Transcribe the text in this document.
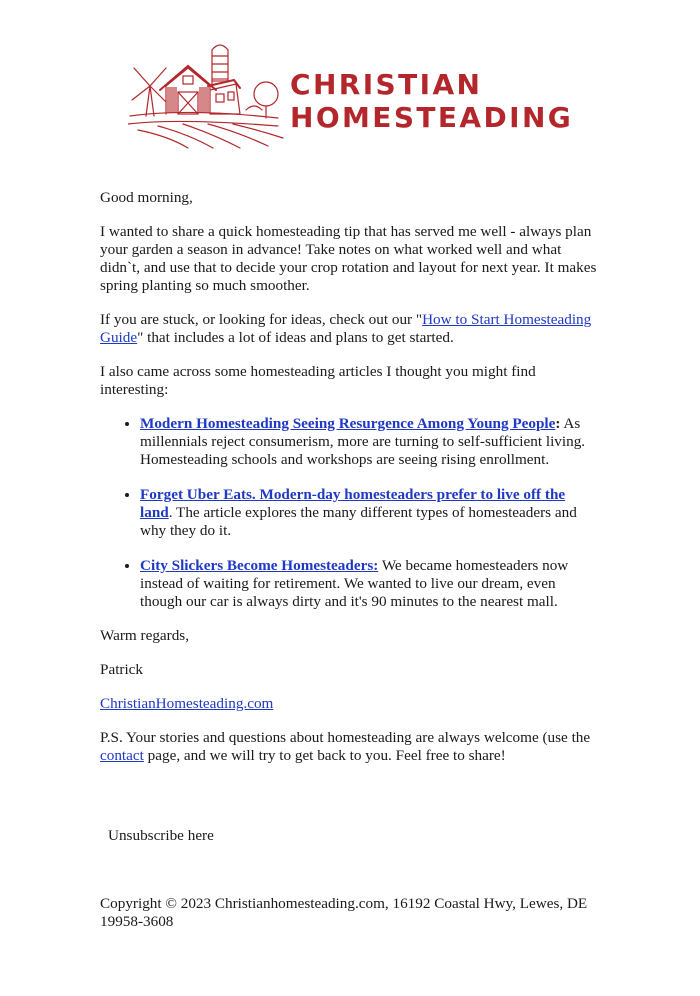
CHRISTIAN
HOMESTEADING

Good morning,

I wanted to share a quick homesteading tip that has served me well - always plan your garden a season in advance! Take notes on what worked well and what didn`t, and use that to decide your crop rotation and layout for next year. It makes spring planting so much smoother.

If you are stuck, or looking for ideas, check out our "How to Start Homesteading Guide" that includes a lot of ideas and plans to get started.

I also came across some homesteading articles I thought you might find interesting:

• Modern Homesteading Seeing Resurgence Among Young People: As millennials reject consumerism, more are turning to self-sufficient living. Homesteading schools and workshops are seeing rising enrollment.
• Forget Uber Eats. Modern-day homesteaders prefer to live off the land. The article explores the many different types of homesteaders and why they do it.
• City Slickers Become Homesteaders: We became homesteaders now instead of waiting for retirement. We wanted to live our dream, even though our car is always dirty and it's 90 minutes to the nearest mall.

Warm regards,

Patrick

ChristianHomesteading.com

P.S. Your stories and questions about homesteading are always welcome (use the contact page, and we will try to get back to you. Feel free to share!

Unsubscribe here
Copyright © 2023 Christianhomesteading.com, 16192 Coastal Hwy, Lewes, DE 19958-3608
